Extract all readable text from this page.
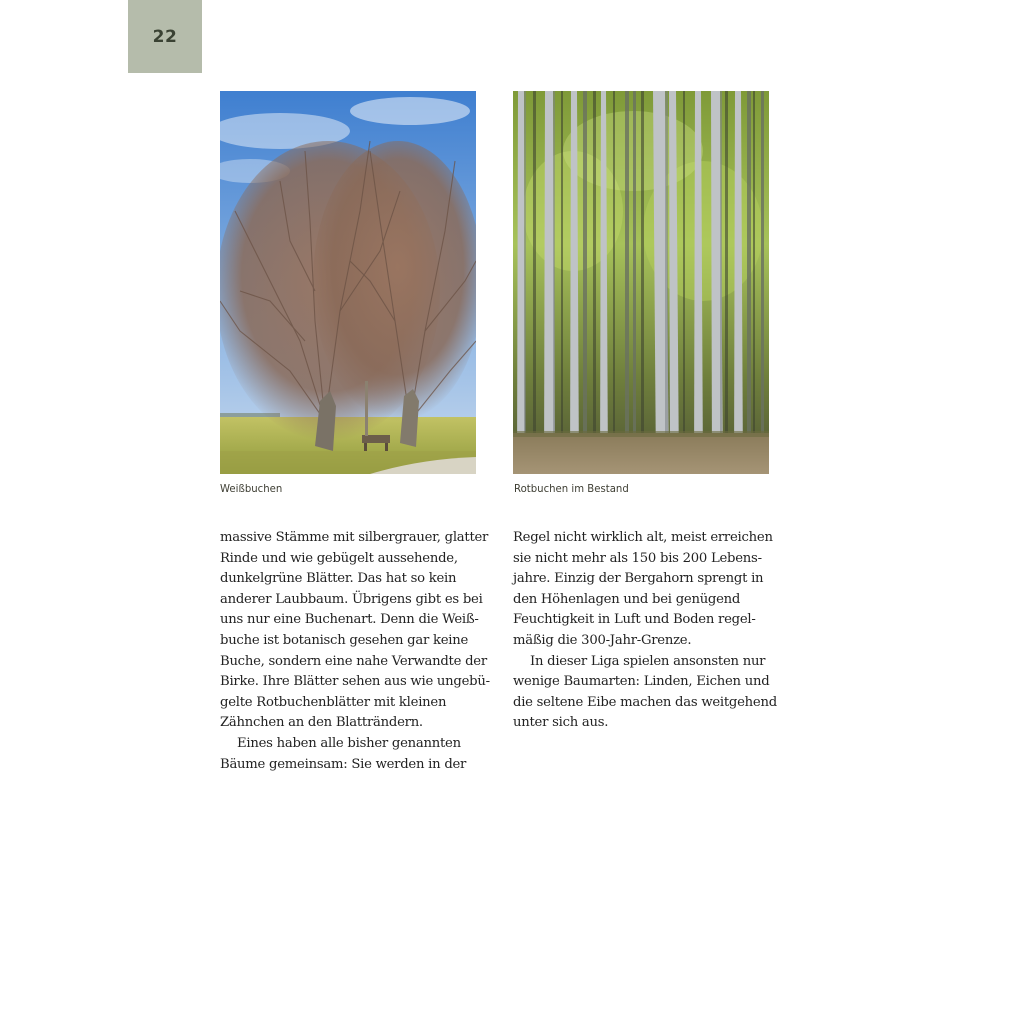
22
Weißbuchen	Rotbuchen im Bestand
massive Stämme mit silbergrauer, glatter
Rinde und wie gebügelt aussehende,
dunkelgrüne Blätter. Das hat so kein
anderer Laubbaum. Übrigens gibt es bei
uns nur eine Buchenart. Denn die Weiß-
buche ist botanisch gesehen gar keine
Buche, sondern eine nahe Verwandte der
Birke. Ihre Blätter sehen aus wie ungebü-
gelte Rotbuchenblätter mit kleinen
Zähnchen an den Blatträndern.
Eines haben alle bisher genannten
Bäume gemeinsam: Sie werden in der
Regel nicht wirklich alt, meist erreichen
sie nicht mehr als 150 bis 200 Lebens-
jahre. Einzig der Bergahorn sprengt in
den Höhenlagen und bei genügend
Feuchtigkeit in Luft und Boden regel-
mäßig die 300-Jahr-Grenze.
In dieser Liga spielen ansonsten nur
wenige Baumarten: Linden, Eichen und
die seltene Eibe machen das weitgehend
unter sich aus.
